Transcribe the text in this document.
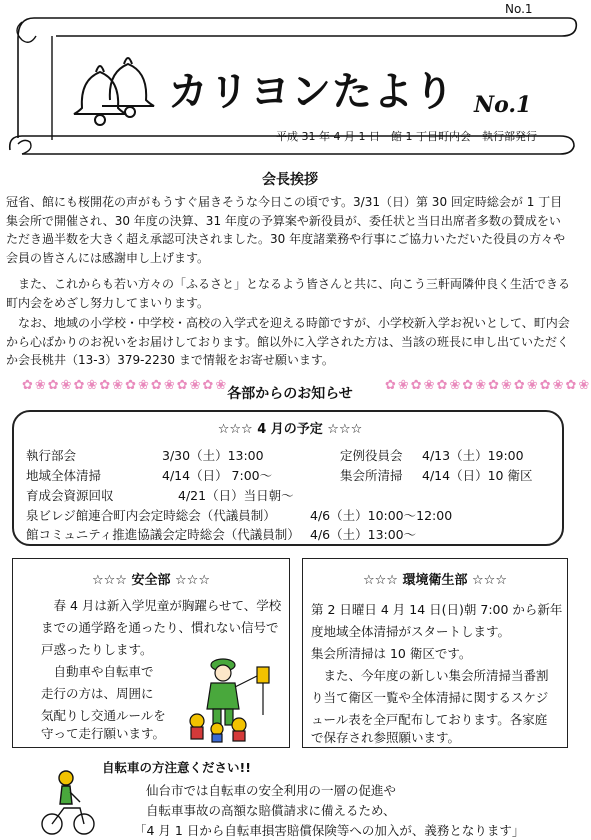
No.1
カリヨンたより No.1
平成 31 年 4 月 1 日　館 1 丁目町内会　執行部発行
会長挨拶
冠省、館にも桜開花の声がもうすぐ届きそうな今日この頃です。3/31（日）第 30 回定時総会が 1 丁目集会所で開催され、30 年度の決算、31 年度の予算案や新役員が、委任状と当日出席者多数の賛成をいただき過半数を大きく超え承認可決されました。30 年度諸業務や行事にご協力いただいた役員の方々や会員の皆さんには感謝申し上げます。
　また、これからも若い方々の「ふるさと」となるよう皆さんと共に、向こう三軒両隣仲良く生活できる町内会をめざし努力してまいります。
　なお、地域の小学校・中学校・高校の入学式を迎える時節ですが、小学校新入学お祝いとして、町内会から心ばかりのお祝いをお届けしております。館以外に入学された方は、当該の班長に申し出ていただくか会長桃井（13-3）379-2230 まで情報をお寄せ願います。
✿❀✿❀✿❀✿❀✿❀✿❀✿❀✿❀
各部からのお知らせ
✿❀✿❀✿❀✿❀✿❀✿❀✿❀✿❀
☆☆☆ 4 月の予定 ☆☆☆
執行部会	3/30（土）13:00	定例役員会 4/13（土）19:00
地域全体清掃	4/14（日） 7:00～	集会所清掃 4/14（日）10 衛区
育成会資源回収	4/21（日）当日朝～
泉ビレジ館連合町内会定時総会（代議員制）	4/6（土）10:00～12:00
館コミュニティ推進協議会定時総会（代議員制） 4/6（土）13:00～
☆☆☆ 安全部 ☆☆☆
　春 4 月は新入学児童が胸躍らせて、学校
までの通学路を通ったり、慣れない信号で
戸惑ったりします。
　自動車や自転車で
走行の方は、周囲に
気配りし交通ルールを
守って走行願います。
☆☆☆ 環境衛生部 ☆☆☆
第 2 日曜日 4 月 14 日(日)朝 7:00 から新年
度地域全体清掃がスタートします。
集会所清掃は 10 衛区です。
　また、今年度の新しい集会所清掃当番割
り当て衛区一覧や全体清掃に関するスケジ
ュール表を全戸配布しております。各家庭
で保存され参照願います。
自転車の方注意ください!!
仙台市では自転車の安全利用の一層の促進や
自転車事故の高額な賠償請求に備えるため、
「4 月 1 日から自転車損害賠償保険等への加入が、義務となります」
